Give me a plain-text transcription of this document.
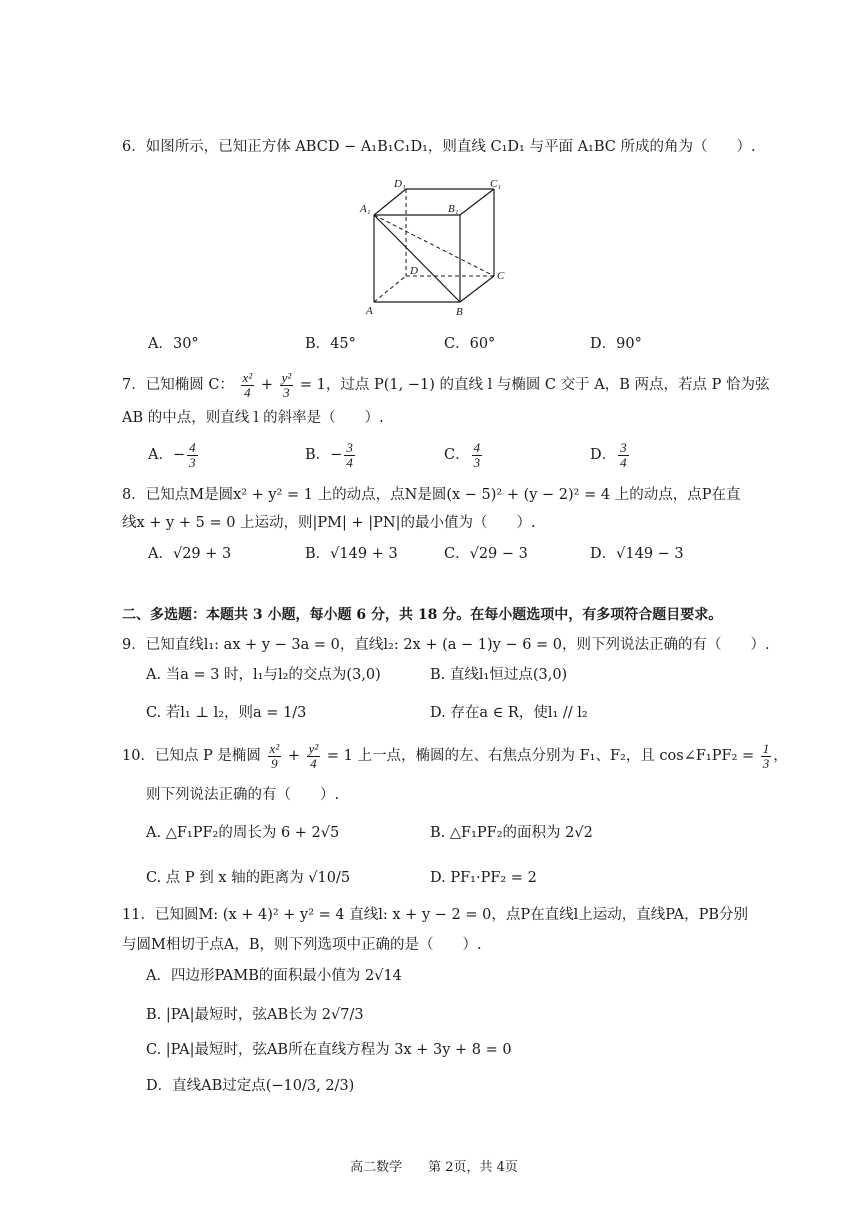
6．如图所示，已知正方体 ABCD − A₁B₁C₁D₁，则直线 C₁D₁ 与平面 A₁BC 所成的角为（　　）.
D₁	C₁
A₁	B₁
D	C
A	B
A．30°	B．45°	C．60°	D．90°
7．已知椭圆 C： $\frac{\text{x²}}{4} + \frac{\text{y²}}{3} = 1$，过点 P(1, −1) 的直线 l 与椭圆 C 交于 A，B 两点，若点 P 恰为弦
AB 的中点，则直线 l 的斜率是（　　）.
A．− $\frac{4}{3}$	B．− $\frac{3}{4}$	C． $\frac{4}{3}$	D． $\frac{3}{4}$
8．已知点M是圆x² + y² = 1 上的动点，点N是圆(x − 5)² + (y − 2)² = 4 上的动点，点P在直
线x + y + 5 = 0 上运动，则|PM| + |PN|的最小值为（　　）.
A．√29 + 3	B．√149 + 3	C．√29 − 3	D．√149 − 3
二、多选题：本题共 3 小题，每小题 6 分，共 18 分。在每小题选项中，有多项符合题目要求。
9．已知直线l₁: ax + y − 3a = 0，直线l₂: 2x + (a − 1)y − 6 = 0，则下列说法正确的有（　　）.
A. 当a = 3 时，l₁与l₂的交点为(3,0)	B. 直线l₁恒过点(3,0)
C. 若l₁ ⊥ l₂，则a = 1/3	D. 存在a ∈ R，使l₁ // l₂
10．已知点 P 是椭圆 $\frac{\text{x²}}{9} + \frac{\text{y²}}{4} = 1$ 上一点，椭圆的左、右焦点分别为 F₁、F₂，且 cos∠F₁PF₂ = $\frac{1}{3}$ ，
则下列说法正确的有（　　）.
A. △F₁PF₂的周长为 6 + 2√5	B. △F₁PF₂的面积为 2√2
C. 点 P 到 x 轴的距离为 √10/5	D. PF₁·PF₂ = 2
11．已知圆M: (x + 4)² + y² = 4 直线l: x + y − 2 = 0，点P在直线l上运动，直线PA，PB分别
与圆M相切于点A，B，则下列选项中正确的是（　　）.
A．四边形PAMB的面积最小值为 2√14
B. |PA|最短时，弦AB长为 2√7/3
C. |PA|最短时，弦AB所在直线方程为 3x + 3y + 8 = 0
D．直线AB过定点(−10/3, 2/3)
高二数学　　第 2页，共 4页
